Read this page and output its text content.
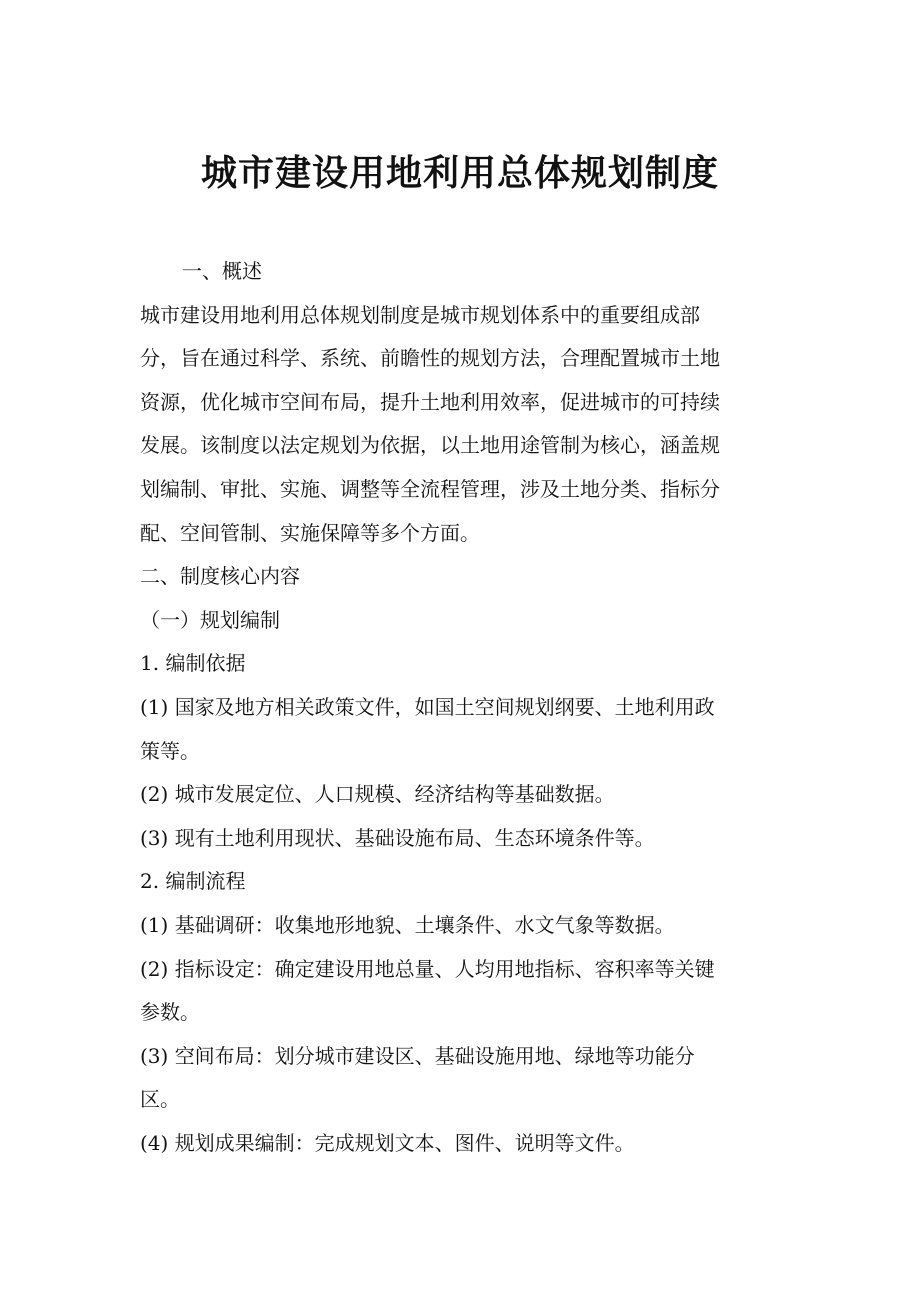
城市建设用地利用总体规划制度
一、概述
城市建设用地利用总体规划制度是城市规划体系中的重要组成部
分，旨在通过科学、系统、前瞻性的规划方法，合理配置城市土地
资源，优化城市空间布局，提升土地利用效率，促进城市的可持续
发展。该制度以法定规划为依据，以土地用途管制为核心，涵盖规
划编制、审批、实施、调整等全流程管理，涉及土地分类、指标分
配、空间管制、实施保障等多个方面。
二、制度核心内容
（一）规划编制
1. 编制依据
(1) 国家及地方相关政策文件，如国土空间规划纲要、土地利用政
策等。
(2) 城市发展定位、人口规模、经济结构等基础数据。
(3) 现有土地利用现状、基础设施布局、生态环境条件等。
2. 编制流程
(1) 基础调研：收集地形地貌、土壤条件、水文气象等数据。
(2) 指标设定：确定建设用地总量、人均用地指标、容积率等关键
参数。
(3) 空间布局：划分城市建设区、基础设施用地、绿地等功能分
区。
(4) 规划成果编制：完成规划文本、图件、说明等文件。
